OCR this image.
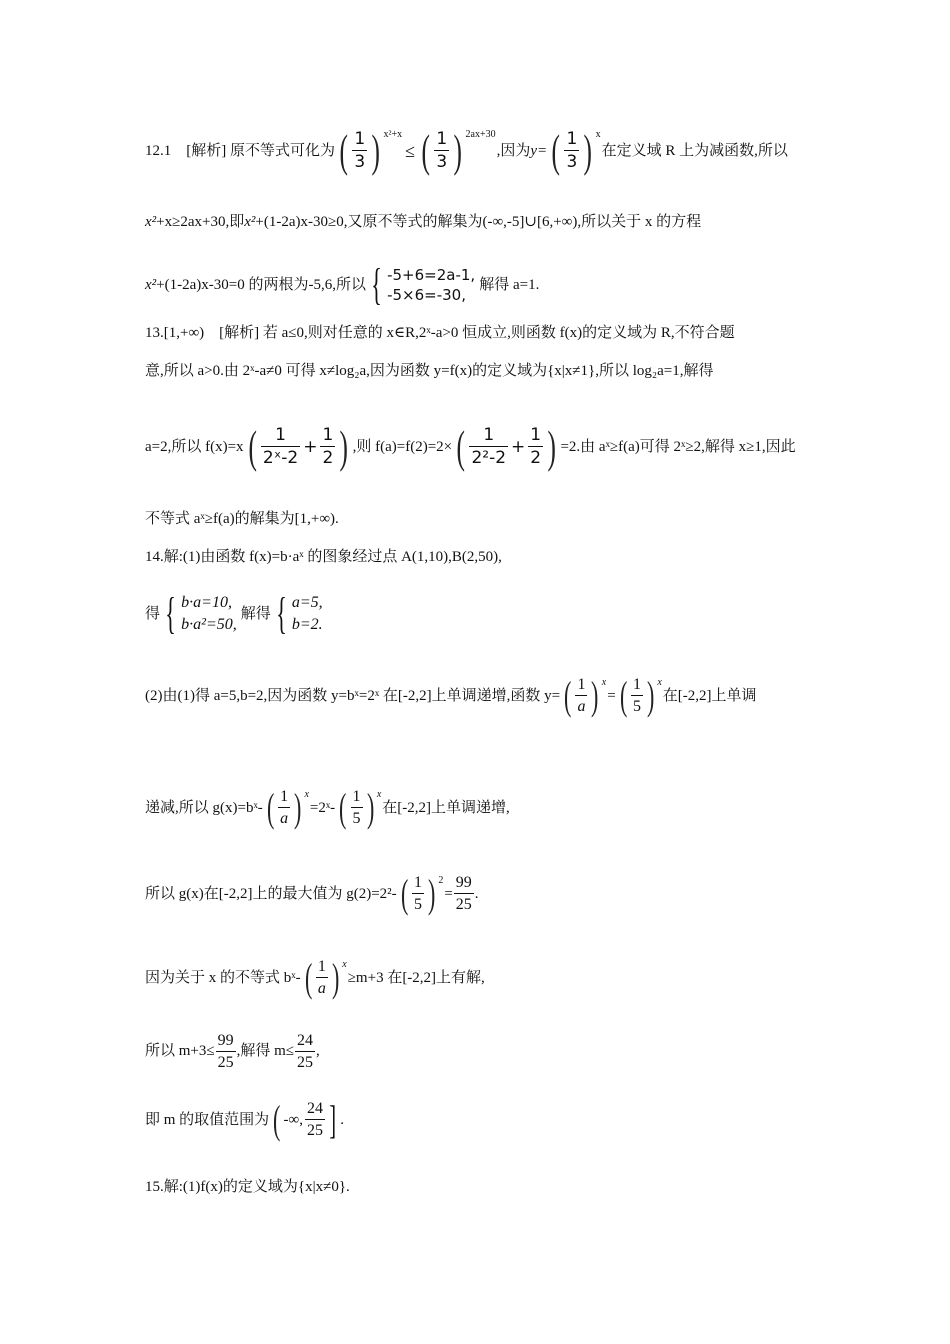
12.1　[解析] 原不等式可化为 ( $\frac{1}{3}$ ) x²+x
≤ ( $\frac{1}{3}$ ) 2ax+30
,因为 y= ( $\frac{1}{3}$ ) x
在定义域 R 上为减函数,所以
x² +x≥2ax+30,即 x² +(1-2a)x-30≥0,又原不等式的解集为(-∞,-5]∪[6,+∞),所以关于 x 的方程
x² +(1-2a)x-30=0 的两根为-5,6,所以 { -5+6=2a-1,
-5×6=-30,
解得 a=1.
13.[1,+∞)　[解析] 若 a≤0,则对任意的 x∈R,2ˣ-a>0 恒成立,则函数 f(x)的定义域为 R,不符合题
意,所以 a>0.由 2ˣ-a≠0 可得 x≠log₂a,因为函数 y=f(x)的定义域为{x|x≠1},所以 log₂a=1,解得
a=2,所以 f(x)=x ( $\frac{1}{\text{2ˣ-2}} + \frac{1}{2}$ ) ,则 f(a)=f(2)=2× ( $\frac{1}{\text{2²-2}} + \frac{1}{2}$ ) =2.由 aˣ≥f(a)可得 2ˣ≥2,解得 x≥1,因此
不等式 aˣ≥f(a)的解集为[1,+∞).
14.解:(1)由函数 f(x)=b·aˣ 的图象经过点 A(1,10),B(2,50),
得 { b·a=10,
b·a²=50,
解得 { a=5,
b=2.
(2)由(1)得 a=5,b=2,因为函数 y=bˣ=2ˣ 在[-2,2]上单调递增,函数 y= ( $\frac{1}{a}$ ) x
= ( $\frac{1}{5}$ ) x
在[-2,2]上单调
递减,所以 g(x)=bˣ- ( $\frac{1}{a}$ ) x
=2ˣ- ( $\frac{1}{5}$ ) x
在[-2,2]上单调递增,
所以 g(x)在[-2,2]上的最大值为 g(2)=2²- ( $\frac{1}{5}$ ) 2
= $\frac{99}{25}$ .
因为关于 x 的不等式 bˣ- ( $\frac{1}{a}$ ) x
≥m+3 在[-2,2]上有解,
所以 $m+3\le \frac{99}{25}$ ,解得 $m\le \frac{24}{25}$ ,
即 m 的取值范围为 ( -∞, $\frac{24}{25}$ ] .
15.解:(1)f(x)的定义域为{x|x≠0}.
